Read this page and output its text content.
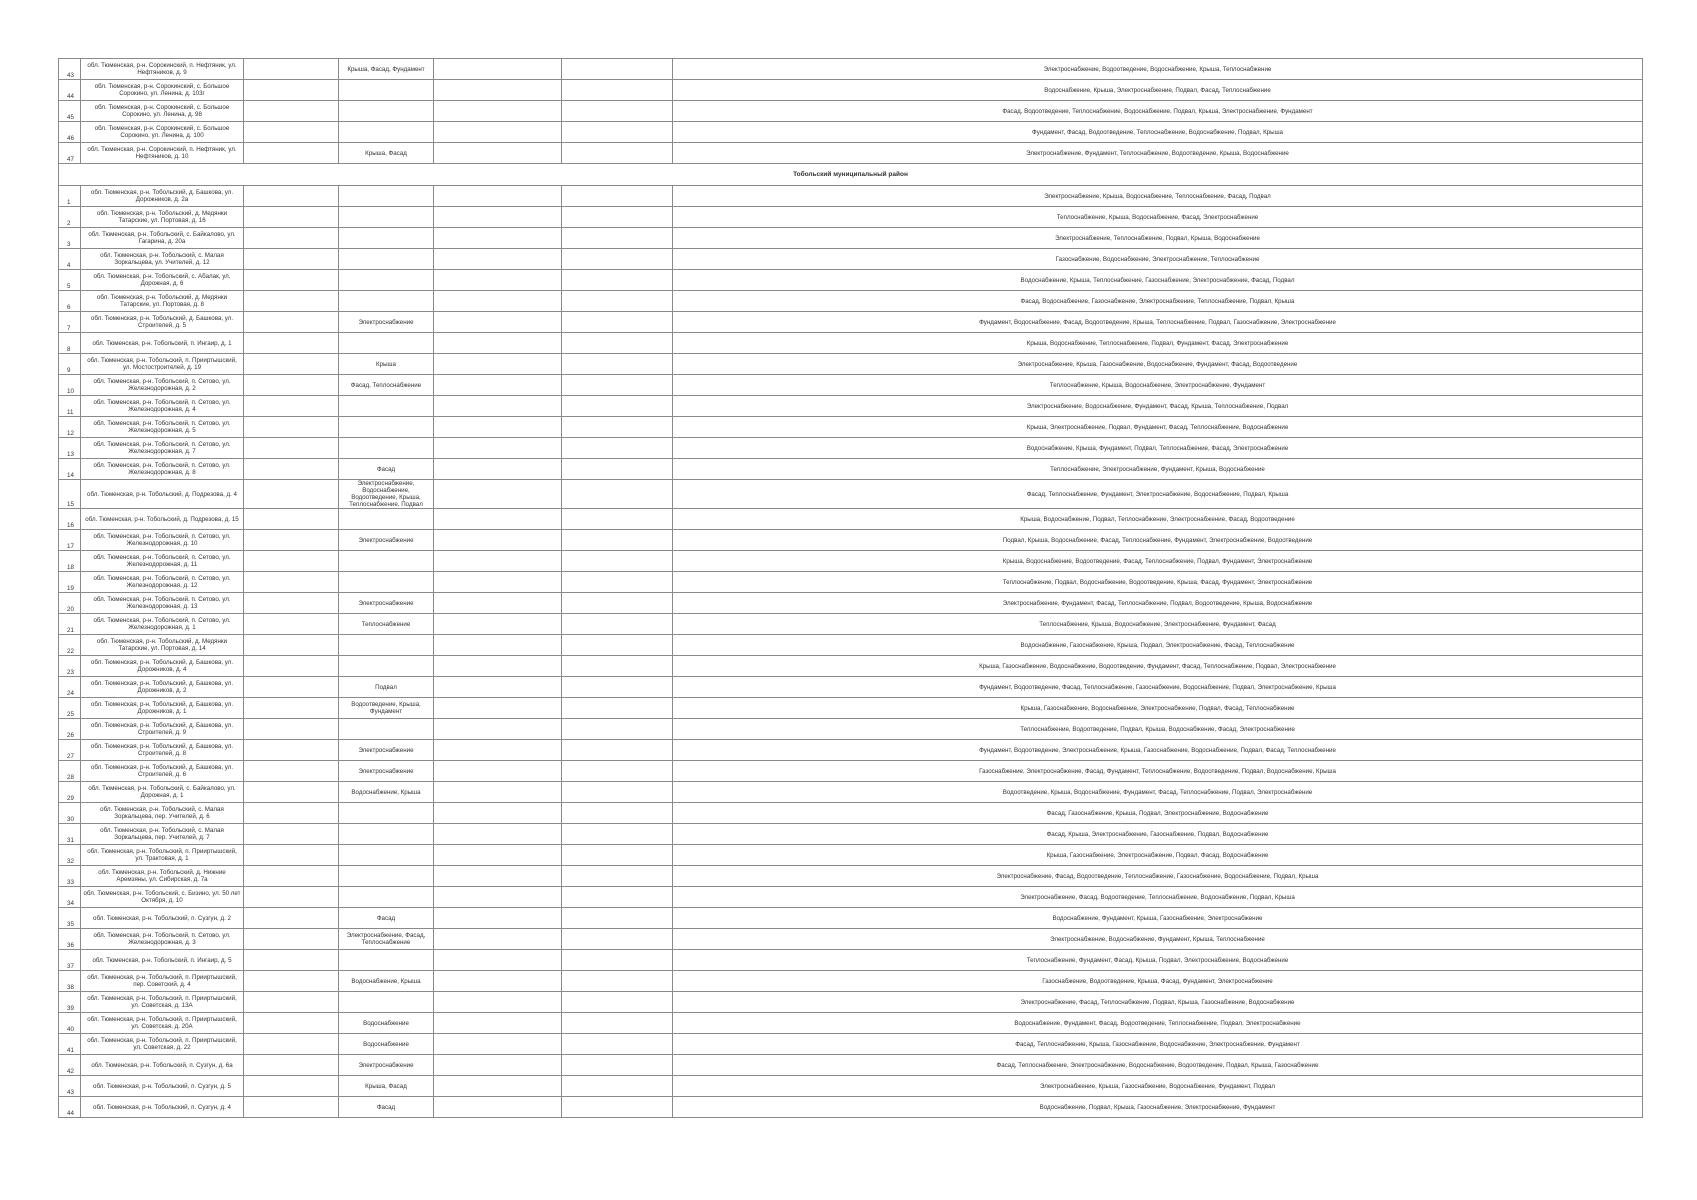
43	обл. Тюменская, р-н. Сорокинский, п. Нефтяник, ул. Нефтяников, д. 9		Крыша, Фасад, Фундамент			Электроснабжение, Водоотведение, Водоснабжение, Крыша, Теплоснабжение
44	обл. Тюменская, р-н. Сорокинский, с. Большое Сорокино, ул. Ленина, д. 103г					Водоснабжение, Крыша, Электроснабжение, Подвал, Фасад, Теплоснабжение
45	обл. Тюменская, р-н. Сорокинский, с. Большое Сорокино, ул. Ленина, д. 98					Фасад, Водоотведение, Теплоснабжение, Водоснабжение, Подвал, Крыша, Электроснабжение, Фундамент
46	обл. Тюменская, р-н. Сорокинский, с. Большое Сорокино, ул. Ленина, д. 100					Фундамент, Фасад, Водоотведение, Теплоснабжение, Водоснабжение, Подвал, Крыша
47	обл. Тюменская, р-н. Сорокинский, п. Нефтяник, ул. Нефтяников, д. 10		Крыша, Фасад			Электроснабжение, Фундамент, Теплоснабжение, Водоотведение, Крыша, Водоснабжение
Тобольский муниципальный район						
1	обл. Тюменская, р-н. Тобольский, д. Башкова, ул. Дорожников, д. 2а					Электроснабжение, Крыша, Водоснабжение, Теплоснабжение, Фасад, Подвал
2	обл. Тюменская, р-н. Тобольский, д. Медянки Татарские, ул. Портовая, д. 16					Теплоснабжение, Крыша, Водоснабжение, Фасад, Электроснабжение
3	обл. Тюменская, р-н. Тобольский, с. Байкалово, ул. Гагарина, д. 20а					Электроснабжение, Теплоснабжение, Подвал, Крыша, Водоснабжение
4	обл. Тюменская, р-н. Тобольский, с. Малая Зоркальцева, ул. Учителей, д. 12					Газоснабжение, Водоснабжение, Электроснабжение, Теплоснабжение
5	обл. Тюменская, р-н. Тобольский, с. Абалак, ул. Дорожная, д. 6					Водоснабжение, Крыша, Теплоснабжение, Газоснабжение, Электроснабжение, Фасад, Подвал
6	обл. Тюменская, р-н. Тобольский, д. Медянки Татарские, ул. Портовая, д. 8					Фасад, Водоснабжение, Газоснабжение, Электроснабжение, Теплоснабжение, Подвал, Крыша
7	обл. Тюменская, р-н. Тобольский, д. Башкова, ул. Строителей, д. 5		Электроснабжение			Фундамент, Водоснабжение, Фасад, Водоотведение, Крыша, Теплоснабжение, Подвал, Газоснабжение, Электроснабжение
8	обл. Тюменская, р-н. Тобольский, п. Ингаир, д. 1					Крыша, Водоснабжение, Теплоснабжение, Подвал, Фундамент, Фасад, Электроснабжение
9	обл. Тюменская, р-н. Тобольский, п. Прииртышский, ул. Мостостроителей, д. 19		Крыша			Электроснабжение, Крыша, Газоснабжение, Водоснабжение, Фундамент, Фасад, Водоотведение
10	обл. Тюменская, р-н. Тобольский, п. Сетово, ул. Железнодорожная, д. 2		Фасад, Теплоснабжение			Теплоснабжение, Крыша, Водоснабжение, Электроснабжение, Фундамент
11	обл. Тюменская, р-н. Тобольский, п. Сетово, ул. Железнодорожная, д. 4					Электроснабжение, Водоснабжение, Фундамент, Фасад, Крыша, Теплоснабжение, Подвал
12	обл. Тюменская, р-н. Тобольский, п. Сетово, ул. Железнодорожная, д. 5					Крыша, Электроснабжение, Подвал, Фундамент, Фасад, Теплоснабжение, Водоснабжение
13	обл. Тюменская, р-н. Тобольский, п. Сетово, ул. Железнодорожная, д. 7					Водоснабжение, Крыша, Фундамент, Подвал, Теплоснабжение, Фасад, Электроснабжение
14	обл. Тюменская, р-н. Тобольский, п. Сетово, ул. Железнодорожная, д. 8		Фасад			Теплоснабжение, Электроснабжение, Фундамент, Крыша, Водоснабжение
15	обл. Тюменская, р-н. Тобольский, д. Подрезова, д. 4		Электроснабжение, Водоснабжение, Водоотведение, Крыша, Теплоснабжение, Подвал			Фасад, Теплоснабжение, Фундамент, Электроснабжение, Водоснабжение, Подвал, Крыша
16	обл. Тюменская, р-н. Тобольский, д. Подрезова, д. 15					Крыша, Водоснабжение, Подвал, Теплоснабжение, Электроснабжение, Фасад, Водоотведение
17	обл. Тюменская, р-н. Тобольский, п. Сетово, ул. Железнодорожная, д. 10		Электроснабжение			Подвал, Крыша, Водоснабжение, Фасад, Теплоснабжение, Фундамент, Электроснабжение, Водоотведение
18	обл. Тюменская, р-н. Тобольский, п. Сетово, ул. Железнодорожная, д. 11					Крыша, Водоснабжение, Водоотведение, Фасад, Теплоснабжение, Подвал, Фундамент, Электроснабжение
19	обл. Тюменская, р-н. Тобольский, п. Сетово, ул. Железнодорожная, д. 12					Теплоснабжение, Подвал, Водоснабжение, Водоотведение, Крыша, Фасад, Фундамент, Электроснабжение
20	обл. Тюменская, р-н. Тобольский, п. Сетово, ул. Железнодорожная, д. 13		Электроснабжение			Электроснабжение, Фундамент, Фасад, Теплоснабжение, Подвал, Водоотведение, Крыша, Водоснабжение
21	обл. Тюменская, р-н. Тобольский, п. Сетово, ул. Железнодорожная, д. 1		Теплоснабжение			Теплоснабжение, Крыша, Водоснабжение, Электроснабжение, Фундамент, Фасад
22	обл. Тюменская, р-н. Тобольский, д. Медянки Татарские, ул. Портовая, д. 14					Водоснабжение, Газоснабжение, Крыша, Подвал, Электроснабжение, Фасад, Теплоснабжение
23	обл. Тюменская, р-н. Тобольский, д. Башкова, ул. Дорожников, д. 4					Крыша, Газоснабжение, Водоснабжение, Водоотведение, Фундамент, Фасад, Теплоснабжение, Подвал, Электроснабжение
24	обл. Тюменская, р-н. Тобольский, д. Башкова, ул. Дорожников, д. 2		Подвал			Фундамент, Водоотведение, Фасад, Теплоснабжение, Газоснабжение, Водоснабжение, Подвал, Электроснабжение, Крыша
25	обл. Тюменская, р-н. Тобольский, д. Башкова, ул. Дорожников, д. 1		Водоотведение, Крыша, Фундамент			Крыша, Газоснабжение, Водоснабжение, Электроснабжение, Подвал, Фасад, Теплоснабжение
26	обл. Тюменская, р-н. Тобольский, д. Башкова, ул. Строителей, д. 9					Теплоснабжение, Водоотведение, Подвал, Крыша, Водоснабжение, Фасад, Электроснабжение
27	обл. Тюменская, р-н. Тобольский, д. Башкова, ул. Строителей, д. 8		Электроснабжение			Фундамент, Водоотведение, Электроснабжение, Крыша, Газоснабжение, Водоснабжение, Подвал, Фасад, Теплоснабжение
28	обл. Тюменская, р-н. Тобольский, д. Башкова, ул. Строителей, д. 6		Электроснабжение			Газоснабжение, Электроснабжение, Фасад, Фундамент, Теплоснабжение, Водоотведение, Подвал, Водоснабжение, Крыша
29	обл. Тюменская, р-н. Тобольский, с. Байкалово, ул. Дорожная, д. 1		Водоснабжение, Крыша			Водоотведение, Крыша, Водоснабжение, Фундамент, Фасад, Теплоснабжение, Подвал, Электроснабжение
30	обл. Тюменская, р-н. Тобольский, с. Малая Зоркальцева, пер. Учителей, д. 6					Фасад, Газоснабжение, Крыша, Подвал, Электроснабжение, Водоснабжение
31	обл. Тюменская, р-н. Тобольский, с. Малая Зоркальцева, пер. Учителей, д. 7					Фасад, Крыша, Электроснабжение, Газоснабжение, Подвал, Водоснабжение
32	обл. Тюменская, р-н. Тобольский, п. Прииртышский, ул. Трактовая, д. 1					Крыша, Газоснабжение, Электроснабжение, Подвал, Фасад, Водоснабжение
33	обл. Тюменская, р-н. Тобольский, д. Нижние Аремзяны, ул. Сибирская, д. 7а					Электроснабжение, Фасад, Водоотведение, Теплоснабжение, Газоснабжение, Водоснабжение, Подвал, Крыша
34	обл. Тюменская, р-н. Тобольский, с. Бизино, ул. 50 лет Октября, д. 10					Электроснабжение, Фасад, Водоотведение, Теплоснабжение, Водоснабжение, Подвал, Крыша
35	обл. Тюменская, р-н. Тобольский, п. Сузгун, д. 2		Фасад			Водоснабжение, Фундамент, Крыша, Газоснабжение, Электроснабжение
36	обл. Тюменская, р-н. Тобольский, п. Сетово, ул. Железнодорожная, д. 3		Электроснабжение, Фасад, Теплоснабжение			Электроснабжение, Водоснабжение, Фундамент, Крыша, Теплоснабжение
37	обл. Тюменская, р-н. Тобольский, п. Ингаир, д. 5					Теплоснабжение, Фундамент, Фасад, Крыша, Подвал, Электроснабжение, Водоснабжение
38	обл. Тюменская, р-н. Тобольский, п. Прииртышский, пер. Советский, д. 4		Водоснабжение, Крыша			Газоснабжение, Водоотведение, Крыша, Фасад, Фундамент, Электроснабжение
39	обл. Тюменская, р-н. Тобольский, п. Прииртышский, ул. Советская, д. 13А					Электроснабжение, Фасад, Теплоснабжение, Подвал, Крыша, Газоснабжение, Водоснабжение
40	обл. Тюменская, р-н. Тобольский, п. Прииртышский, ул. Советская, д. 20А		Водоснабжение			Водоснабжение, Фундамент, Фасад, Водоотведение, Теплоснабжение, Подвал, Электроснабжение
41	обл. Тюменская, р-н. Тобольский, п. Прииртышский, ул. Советская, д. 22		Водоснабжение			Фасад, Теплоснабжение, Крыша, Газоснабжение, Водоснабжение, Электроснабжение, Фундамент
42	обл. Тюменская, р-н. Тобольский, п. Сузгун, д. 6а		Электроснабжение			Фасад, Теплоснабжение, Электроснабжение, Водоснабжение, Водоотведение, Подвал, Крыша, Газоснабжение
43	обл. Тюменская, р-н. Тобольский, п. Сузгун, д. 5		Крыша, Фасад			Электроснабжение, Крыша, Газоснабжение, Водоснабжение, Фундамент, Подвал
44	обл. Тюменская, р-н. Тобольский, п. Сузгун, д. 4		Фасад			Водоснабжение, Подвал, Крыша, Газоснабжение, Электроснабжение, Фундамент
